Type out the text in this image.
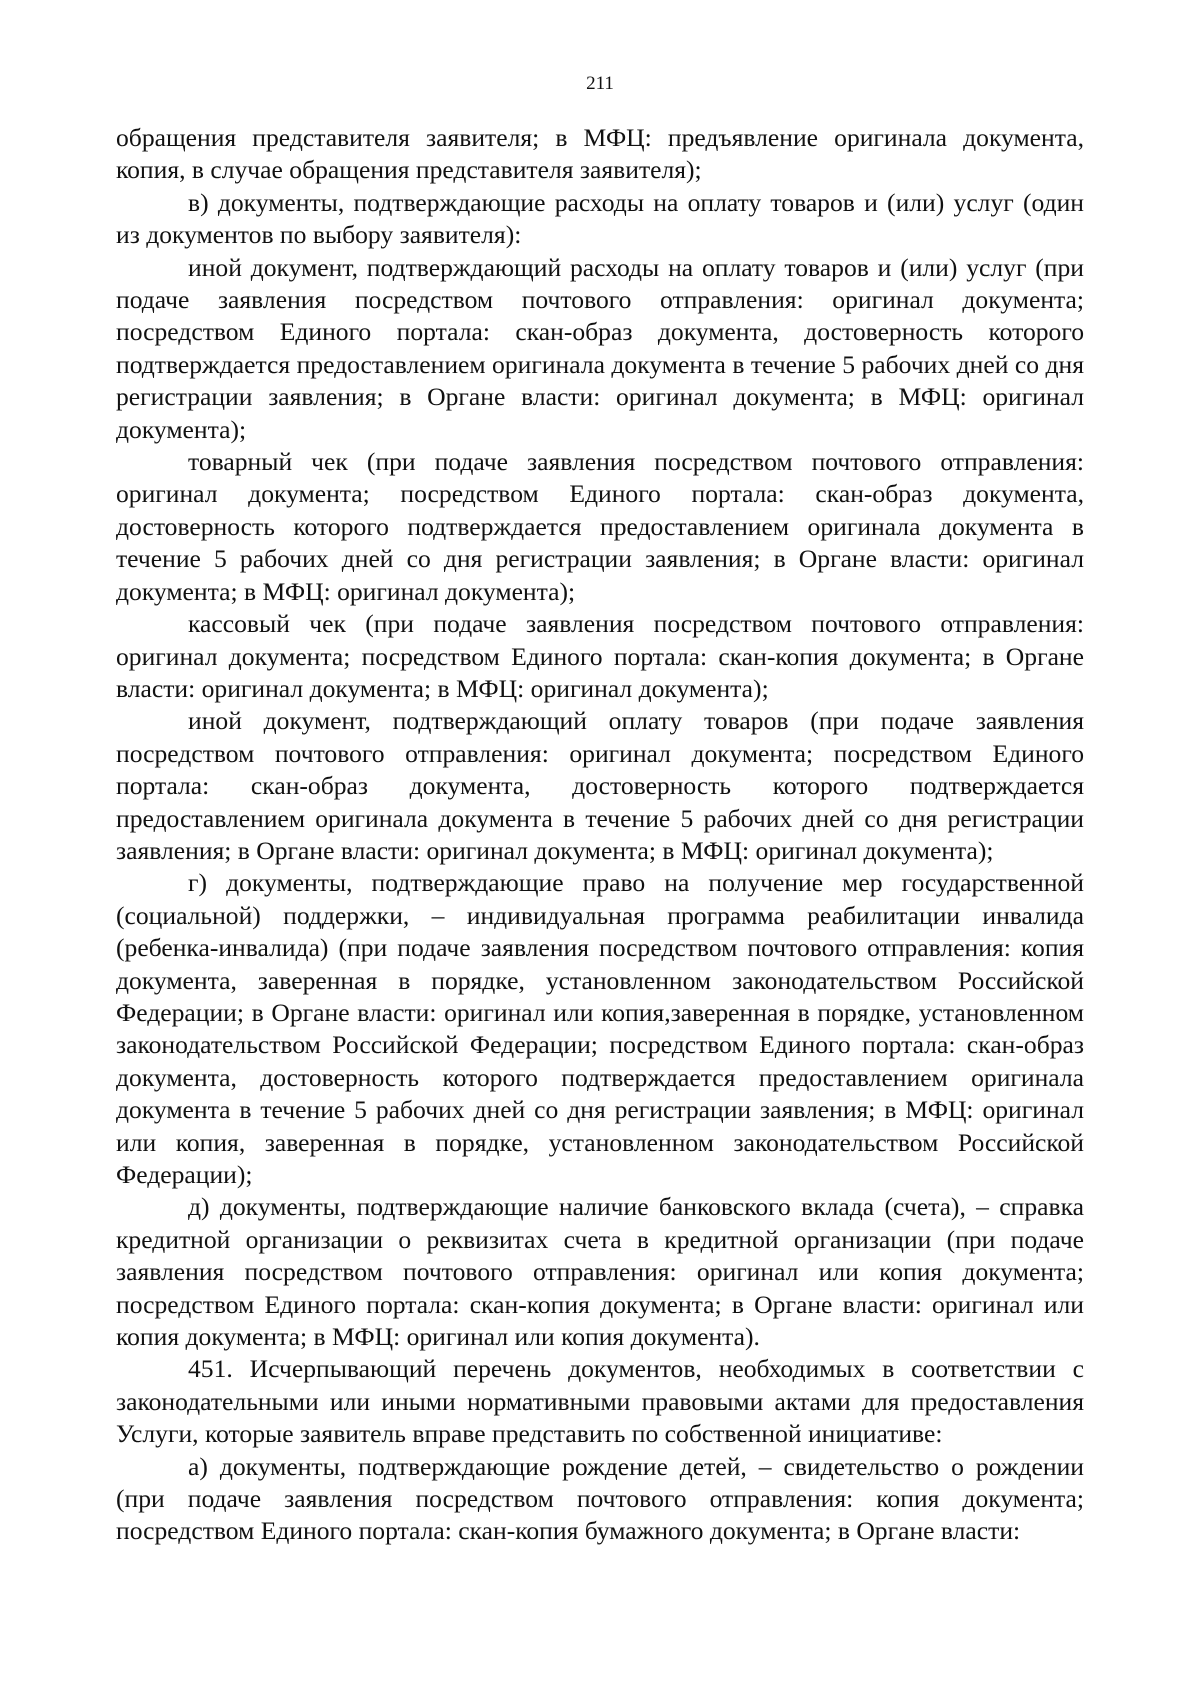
211

обращения представителя заявителя; в МФЦ: предъявление оригинала документа, копия, в случае обращения представителя заявителя);

в) документы, подтверждающие расходы на оплату товаров и (или) услуг (один из документов по выбору заявителя):

иной документ, подтверждающий расходы на оплату товаров и (или) услуг (при подаче заявления посредством почтового отправления: оригинал документа; посредством Единого портала: скан-образ документа, достоверность которого подтверждается предоставлением оригинала документа в течение 5 рабочих дней со дня регистрации заявления; в Органе власти: оригинал документа; в МФЦ: оригинал документа);

товарный чек (при подаче заявления посредством почтового отправления: оригинал документа; посредством Единого портала: скан-образ документа, достоверность которого подтверждается предоставлением оригинала документа в течение 5 рабочих дней со дня регистрации заявления; в Органе власти: оригинал документа; в МФЦ: оригинал документа);

кассовый чек (при подаче заявления посредством почтового отправления: оригинал документа; посредством Единого портала: скан-копия документа; в Органе власти: оригинал документа; в МФЦ: оригинал документа);

иной документ, подтверждающий оплату товаров (при подаче заявления посредством почтового отправления: оригинал документа; посредством Единого портала: скан-образ документа, достоверность которого подтверждается предоставлением оригинала документа в течение 5 рабочих дней со дня регистрации заявления; в Органе власти: оригинал документа; в МФЦ: оригинал документа);

г) документы, подтверждающие право на получение мер государственной (социальной) поддержки, – индивидуальная программа реабилитации инвалида (ребенка-инвалида) (при подаче заявления посредством почтового отправления: копия документа, заверенная в порядке, установленном законодательством Российской Федерации; в Органе власти: оригинал или копия,заверенная в порядке, установленном законодательством Российской Федерации; посредством Единого портала: скан-образ документа, достоверность которого подтверждается предоставлением оригинала документа в течение 5 рабочих дней со дня регистрации заявления; в МФЦ: оригинал или копия, заверенная в порядке, установленном законодательством Российской Федерации);

д) документы, подтверждающие наличие банковского вклада (счета), – справка кредитной организации о реквизитах счета в кредитной организации (при подаче заявления посредством почтового отправления: оригинал или копия документа; посредством Единого портала: скан-копия документа; в Органе власти: оригинал или копия документа; в МФЦ: оригинал или копия документа).

451. Исчерпывающий перечень документов, необходимых в соответствии с законодательными или иными нормативными правовыми актами для предоставления Услуги, которые заявитель вправе представить по собственной инициативе:

а) документы, подтверждающие рождение детей, – свидетельство о рождении (при подаче заявления посредством почтового отправления: копия документа; посредством Единого портала: скан-копия бумажного документа; в Органе власти:
